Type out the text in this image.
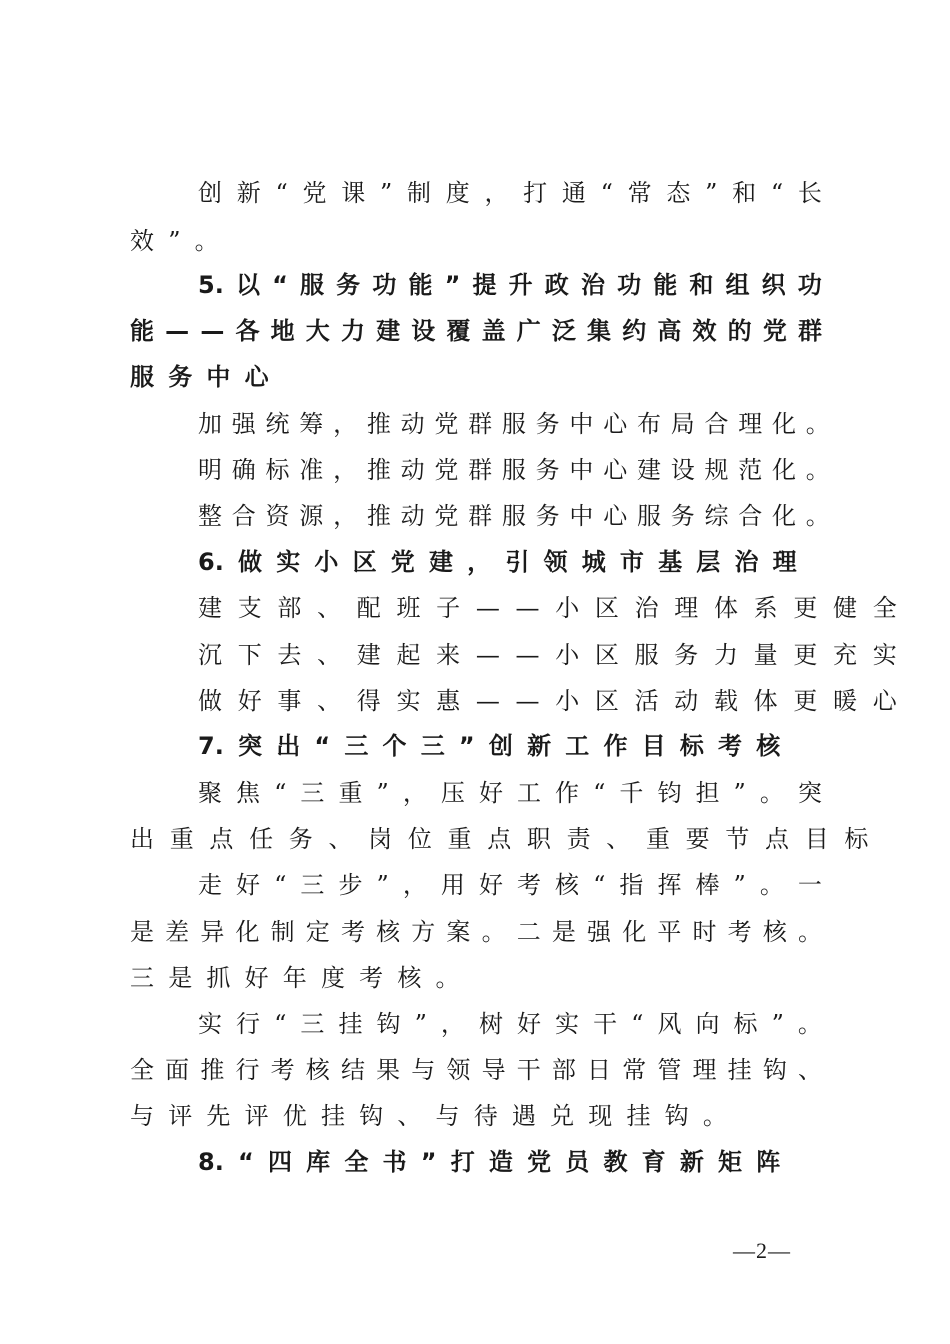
创 新 “ 党 课 ” 制 度 ， 打 通 “ 常 态 ” 和 “ 长
效 ” 。
5. 以 “ 服 务 功 能 ” 提 升 政 治 功 能 和 组 织 功
能 — — 各 地 大 力 建 设 覆 盖 广 泛 集 约 高 效 的 党 群
服 务 中 心
加 强 统 筹 ， 推 动 党 群 服 务 中 心 布 局 合 理 化 。
明 确 标 准 ， 推 动 党 群 服 务 中 心 建 设 规 范 化 。
整 合 资 源 ， 推 动 党 群 服 务 中 心 服 务 综 合 化 。
6. 做 实 小 区 党 建 ， 引 领 城 市 基 层 治 理
建 支 部 、 配 班 子 — — 小 区 治 理 体 系 更 健 全
沉 下 去 、 建 起 来 — — 小 区 服 务 力 量 更 充 实
做 好 事 、 得 实 惠 — — 小 区 活 动 载 体 更 暖 心
7. 突 出 “ 三 个 三 ” 创 新 工 作 目 标 考 核
聚 焦 “ 三 重 ” ， 压 好 工 作 “ 千 钧 担 ” 。 突
出 重 点 任 务 、 岗 位 重 点 职 责 、 重 要 节 点 目 标
走 好 “ 三 步 ” ， 用 好 考 核 “ 指 挥 棒 ” 。 一
是 差 异 化 制 定 考 核 方 案 。 二 是 强 化 平 时 考 核 。
三 是 抓 好 年 度 考 核 。
实 行 “ 三 挂 钩 ” ， 树 好 实 干 “ 风 向 标 ” 。
全 面 推 行 考 核 结 果 与 领 导 干 部 日 常 管 理 挂 钩 、
与 评 先 评 优 挂 钩 、 与 待 遇 兑 现 挂 钩 。
8. “ 四 库 全 书 ” 打 造 党 员 教 育 新 矩 阵
—2—
